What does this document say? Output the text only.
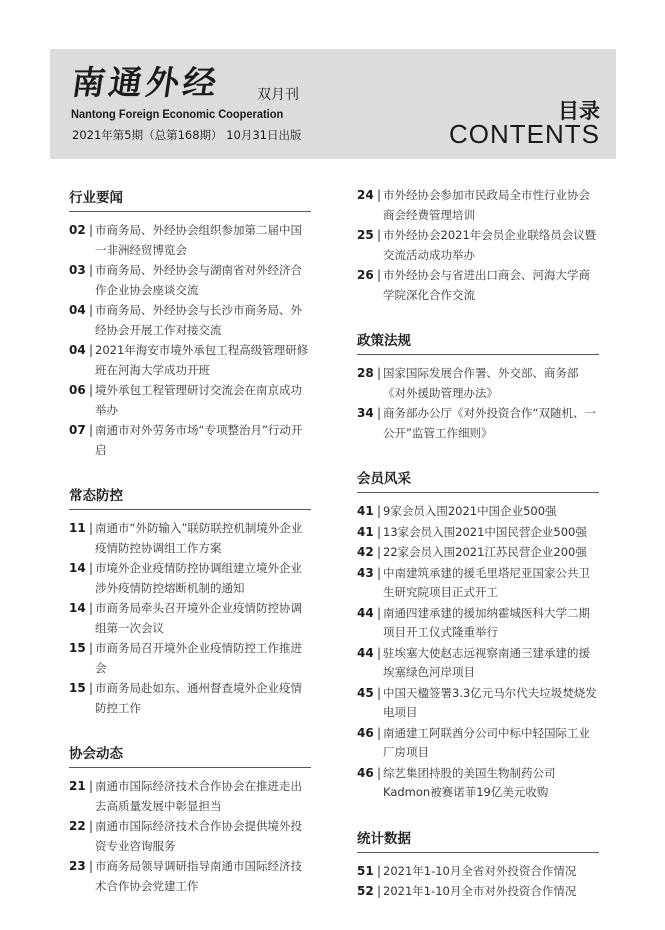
南通外经 双月刊
Nantong Foreign Economic Cooperation
2021年第5期（总第168期） 10月31日出版
目录
CONTENTS
行业要闻
02 | 市商务局、外经协会组织参加第二届中国一非洲经贸博览会
03 | 市商务局、外经协会与湖南省对外经济合作企业协会座谈交流
04 | 市商务局、外经协会与长沙市商务局、外经协会开展工作对接交流
04 | 2021年海安市境外承包工程高级管理研修班在河海大学成功开班
06 | 境外承包工程管理研讨交流会在南京成功举办
07 | 南通市对外劳务市场“专项整治月”行动开启
常态防控
11 | 南通市“外防输入”联防联控机制境外企业疫情防控协调组工作方案
14 | 市境外企业疫情防控协调组建立境外企业涉外疫情防控熔断机制的通知
14 | 市商务局牵头召开境外企业疫情防控协调组第一次会议
15 | 市商务局召开境外企业疫情防控工作推进会
15 | 市商务局赴如东、通州督查境外企业疫情防控工作
协会动态
21 | 南通市国际经济技术合作协会在推进走出去高质量发展中彰显担当
22 | 南通市国际经济技术合作协会提供境外投资专业咨询服务
23 | 市商务局领导调研指导南通市国际经济技术合作协会党建工作
24 | 市外经协会参加市民政局全市性行业协会商会经费管理培训
25 | 市外经协会2021年会员企业联络员会议暨交流活动成功举办
26 | 市外经协会与省进出口商会、河海大学商学院深化合作交流
政策法规
28 | 国家国际发展合作署、外交部、商务部《对外援助管理办法》
34 | 商务部办公厅《对外投资合作“双随机、一公开”监管工作细则》
会员风采
41 | 9家会员入围2021中国企业500强
41 | 13家会员入围2021中国民营企业500强
42 | 22家会员入围2021江苏民营企业200强
43 | 中南建筑承建的援毛里塔尼亚国家公共卫生研究院项目正式开工
44 | 南通四建承建的援加纳霍城医科大学二期项目开工仪式隆重举行
44 | 驻埃塞大使赵志远视察南通三建承建的援埃塞绿色河岸项目
45 | 中国天楹签署3.3亿元马尔代夫垃圾焚烧发电项目
46 | 南通建工阿联酋分公司中标中轻国际工业厂房项目
46 | 综艺集团持股的美国生物制药公司Kadmon被赛诺菲19亿美元收购
统计数据
51 | 2021年1-10月全省对外投资合作情况
52 | 2021年1-10月全市对外投资合作情况
